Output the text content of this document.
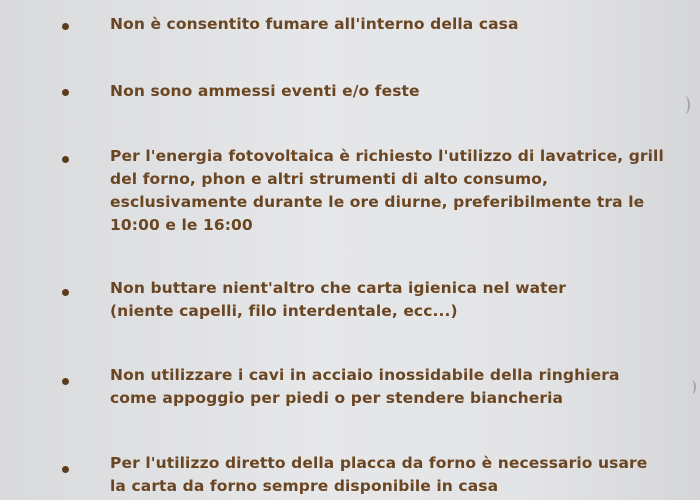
Non è consentito fumare all'interno della casa

Non sono ammessi eventi e/o feste

Per l'energia fotovoltaica è richiesto l'utilizzo di lavatrice, grill
del forno, phon e altri strumenti di alto consumo,
esclusivamente durante le ore diurne, preferibilmente tra le
10:00 e le 16:00

Non buttare nient'altro che carta igienica nel water
(niente capelli, filo interdentale, ecc...)

Non utilizzare i cavi in acciaio inossidabile della ringhiera
come appoggio per piedi o per stendere biancheria

Per l'utilizzo diretto della placca da forno è necessario usare
la carta da forno sempre disponibile in casa
